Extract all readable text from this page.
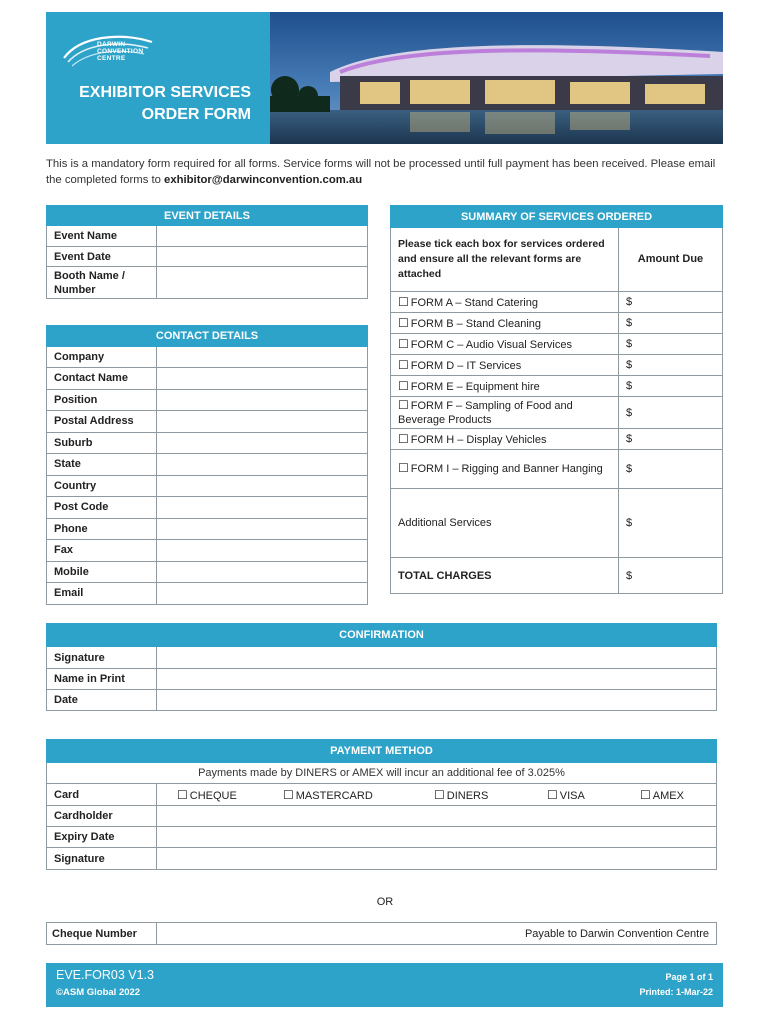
DARWIN
CONVENTION
CENTRE
EXHIBITOR SERVICES
ORDER FORM
This is a mandatory form required for all forms. Service forms will not be processed until full payment has been received. Please email the completed forms to exhibitor@darwinconvention.com.au
EVENT DETAILS	
Event Name	
Event Date	
Booth Name / Number	
CONTACT DETAILS	
Company	
Contact Name	
Position	
Postal Address	
Suburb	
State	
Country	
Post Code	
Phone	
Fax	
Mobile	
Email	
SUMMARY OF SERVICES ORDERED	
Please tick each box for services ordered and ensure all the relevant forms are attached	Amount Due
☐ FORM A – Stand Catering	$
☐ FORM B – Stand Cleaning	$
☐ FORM C – Audio Visual Services	$
☐ FORM D – IT Services	$
☐ FORM E – Equipment hire	$
☐ FORM F – Sampling of Food and Beverage Products	$
☐ FORM H – Display Vehicles	$
☐ FORM I – Rigging and Banner Hanging	$
Additional Services	$
TOTAL CHARGES	$
CONFIRMATION	
Signature	
Name in Print	
Date	
PAYMENT METHOD	
Payments made by DINERS or AMEX will incur an additional fee of 3.025%	
Card	☐ CHEQUE ☐ MASTERCARD ☐ DINERS ☐ VISA ☐ AMEX

Cardholder	
Expiry Date	
Signature	
OR
Cheque Number	Payable to Darwin Convention Centre
EVE.FOR03 V1.3
©ASM Global 2022
Page 1 of 1
Printed: 1-Mar-22
